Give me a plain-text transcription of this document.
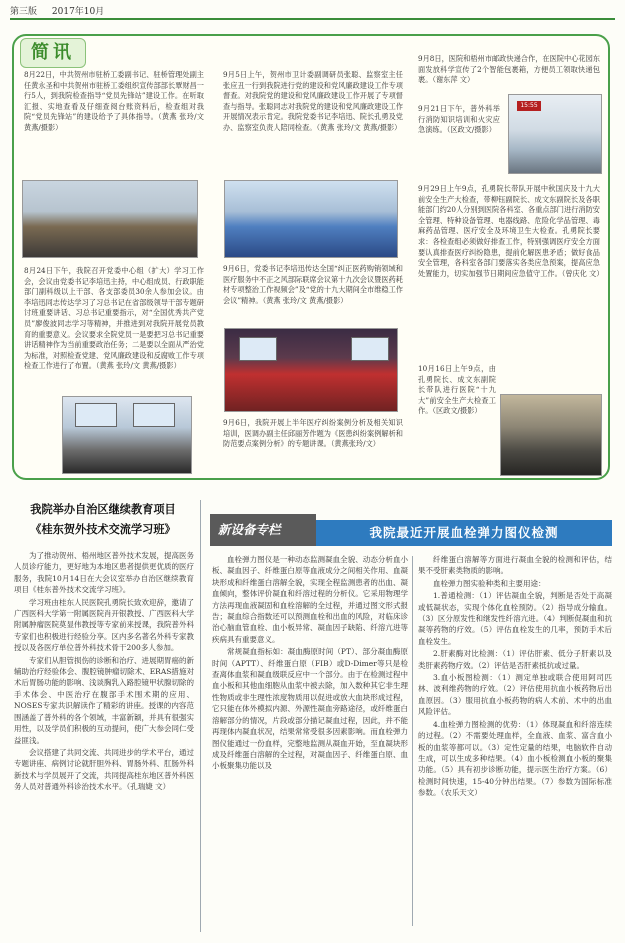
第三版 2017年10月
简讯
8月22日，中共贺州市驻桥工委副书记、驻桥管理处副主任黄永圣和中共贺州市驻桥工委组织宣传部部长覃财昌一行5人，到我院检查指导“党员先锋站”建设工作。在听取汇报、实地查看及仔细查阅台账资料后，检查组对我院“党员先锋站”的建设给予了具体指导。（黄燕 张玲/文 黄燕/摄影）
8月24日下午，我院召开党委中心组（扩大）学习工作会，会议由党委书记李培迅主持，中心组成员、行政职能部门副科级以上干部、各支部委员30余人参加会议。由李培迅同志传达学习了习总书记在省部级领导干部专题研讨班重要讲话、习总书记重要指示，对“全国优秀共产党员”廖俊波同志学习等精神，并推进到对我院开展党员教育的重要意义。会议要求全院党员一是要把习总书记重要讲话精神作为当前重要政治任务；二是要以全面从严治党为标准，对照检查党建、党风廉政建设和反腐败工作专项检查工作进行了布置。（黄燕 张玲/文 黄燕/摄影）
9月5日上午，贺州市卫计委副调研员张聪、监察室主任张应丑一行到我院进行党的建设和党风廉政建设工作专项督查。对我院党的建设和党风廉政建设工作开展了专项督查与指导。张聪同志对我院党的建设和党风廉政建设工作开展情况表示肯定。我院党委书记李培迅、院长孔勇及党办、监察室负责人陪同检查。（黄燕 张玲/文 黄燕/摄影）
9月6日，党委书记李培迅传达全国“纠正医药购销领域和医疗服务中不正之风部际联席会议第十九次会议暨医药耗材专项整治工作视频会”及“党的十九大期间全市维稳工作会议”精神。（黄燕 张玲/文 黄燕/摄影）
9月6日，我院开展上半年医疗纠纷案例分析及相关知识培训，医调办副主任邱丽芳作题为《医患纠纷案例解析和防范要点案例分析》的专题讲课。（黄燕张玲/文）
9月8日，医院和梧州市邮政快递合作，在医院中心花园东面发放科学宣传了2个智能包裹箱，方便员工领取快递包裹。（谢东萍 文）
9月21日下午，普外科举行消防知识培训和火灾应急演练。（区政文/摄影）
15:55
9月29日上午9点，孔勇院长带队开展中秋国庆及十九大前安全生产大检查，带柳钰副院长、成文东副院长及各职能部门约20人分别到医院各科室、各重点部门进行消防安全管理、特种设备管理、电器线路、危险化学品管理、毒麻药品管理、医疗安全及环境卫生大检查。孔勇院长要求：各检查组必须做好排查工作，特别强调医疗安全方面要认真排查医疗纠纷隐患，提前化解医患矛盾；做好食品安全管理，各科室各部门要落实各类应急预案，提高应急处置能力，切实加强节日期间应急值守工作。（曾庆化 文）
10月16日上午9点，由孔勇院长、成文东副院长带队进行医院“十九大”前安全生产大检查工作。（区政文/摄影）
我院举办自治区继续教育项目
《桂东贺外技术交流学习班》

为了推动贺州、梧州地区普外技术发展，提高医务人员诊疗能力，更好地为本地区患者提供更优质的医疗服务，我院10月14日在大会议室举办自治区继续教育项目《桂东普外技术交流学习班》。

学习班由桂东人民医院孔勇院长致欢迎辞，邀请了广西医科大学第一附属医院肖开银教授、广西医科大学附属肿瘤医院莫显伟教授等专家前来授课，我院普外科专家们也积极进行经验分享。区内多名著名外科专家教授以及各医疗单位普外科技术骨干200多人参加。

专家们从胆管损伤的诊断和治疗、进展期胃癌的新辅助治疗经验体会、腹腔镜肿瘤切除术、ERAS措施对术后胃肠功能的影响、浅谈胸乳入路腔镜甲状腺切除的手术体会、中医治疗在腹部手术围术期的应用、NOSES专家共识解读作了精彩的讲座。授课的内容范围涵盖了普外科的各个领域，丰富新颖，并具有很强实用性，以及学员们积极的互动提问，使广大参会同仁受益匪浅。

会议搭建了共同交流、共同进步的学术平台，通过专题讲座、病例讨论就肝胆外科、胃肠外科、肛肠外科新技术与学员展开了交流，共同提高桂东地区普外科医务人员对普通外科诊治技术水平。（孔瑞婕 文）

新设备专栏	我院最近开展血栓弹力图仪检测

血栓弹力图仪是一种动态监测凝血全貌、动态分析血小板、凝血因子、纤维蛋白原等血液成分之间相关作用、血凝块形成和纤维蛋白溶解全貌，实现全程监测患者的出血、凝血倾向，整体评价凝血和纤溶过程的分析仪。它采用物理学方法再现血液凝固和血栓溶解的全过程，并通过图文形式报告；凝血综合指数还可以预测血栓和出血的风险，对临床诊治心脑血管血栓、血小板异常、凝血因子缺陷、纤溶亢进等疾病具有重要意义。

常规凝血指标如：凝血酶原时间（PT）、部分凝血酶原时间（APTT）、纤维蛋白原（FIB）或D-Dimer等只是检查离体血浆和凝血级联反应中一个部分。由于在检测过程中血小板和其他血细胞从血浆中被去除，加入数种其它非生理性物质或非生理性浓度物质用以促进或放大血块形成过程，它只能在体外模拟内源、外源性凝血旁路途径，或纤维蛋白溶解部分的情况，片段或部分描记凝血过程，因此，并不能再现体内凝血状况，结果常常受很多因素影响。而血栓弹力图仪能通过一份血样，完整地监测从凝血开始，至血凝块形成及纤维蛋白溶解的全过程，对凝血因子、纤维蛋白原、血小板聚集功能以及

纤维蛋白溶解等方面进行凝血全貌的检测和评估，结果不受肝素类物质的影响。

血栓弹力图实验种类和主要用途：

1.普通检测：（1）评估凝血全貌，判断是否处于高凝或低凝状态，实现个体化血栓预防。（2）指导成分输血。（3）区分原发性和继发性纤溶亢进。（4）判断促凝血和抗凝等药物的疗效。（5）评估血栓发生的几率，预防手术后血栓发生。

2.肝素酶对比检测：（1）评估肝素、低分子肝素以及类肝素药物疗效。（2）评估是否肝素抵抗或过量。

3.血小板图检测：（1）测定单独或联合使用阿司匹林、波利维药物的疗效。（2）评估使用抗血小板药物后出血原因。（3）服用抗血小板药物的病人术前、术中的出血风险评估。

4.血栓弹力图检测的优势：（1）体现凝血和纤溶连续的过程。（2）不需要处理血样，全血液、血浆、富含血小板的血浆等都可以。（3）定性定量的结果，电脑软件自动生成，可以生成多种结果。（4）血小板检测血小板的聚集功能。（5）具有初步诊断功能，提示医生治疗方案。（6）检测时间快速，15-40分钟出结果。（7）参数为国际标准参数。（农乐天文）
